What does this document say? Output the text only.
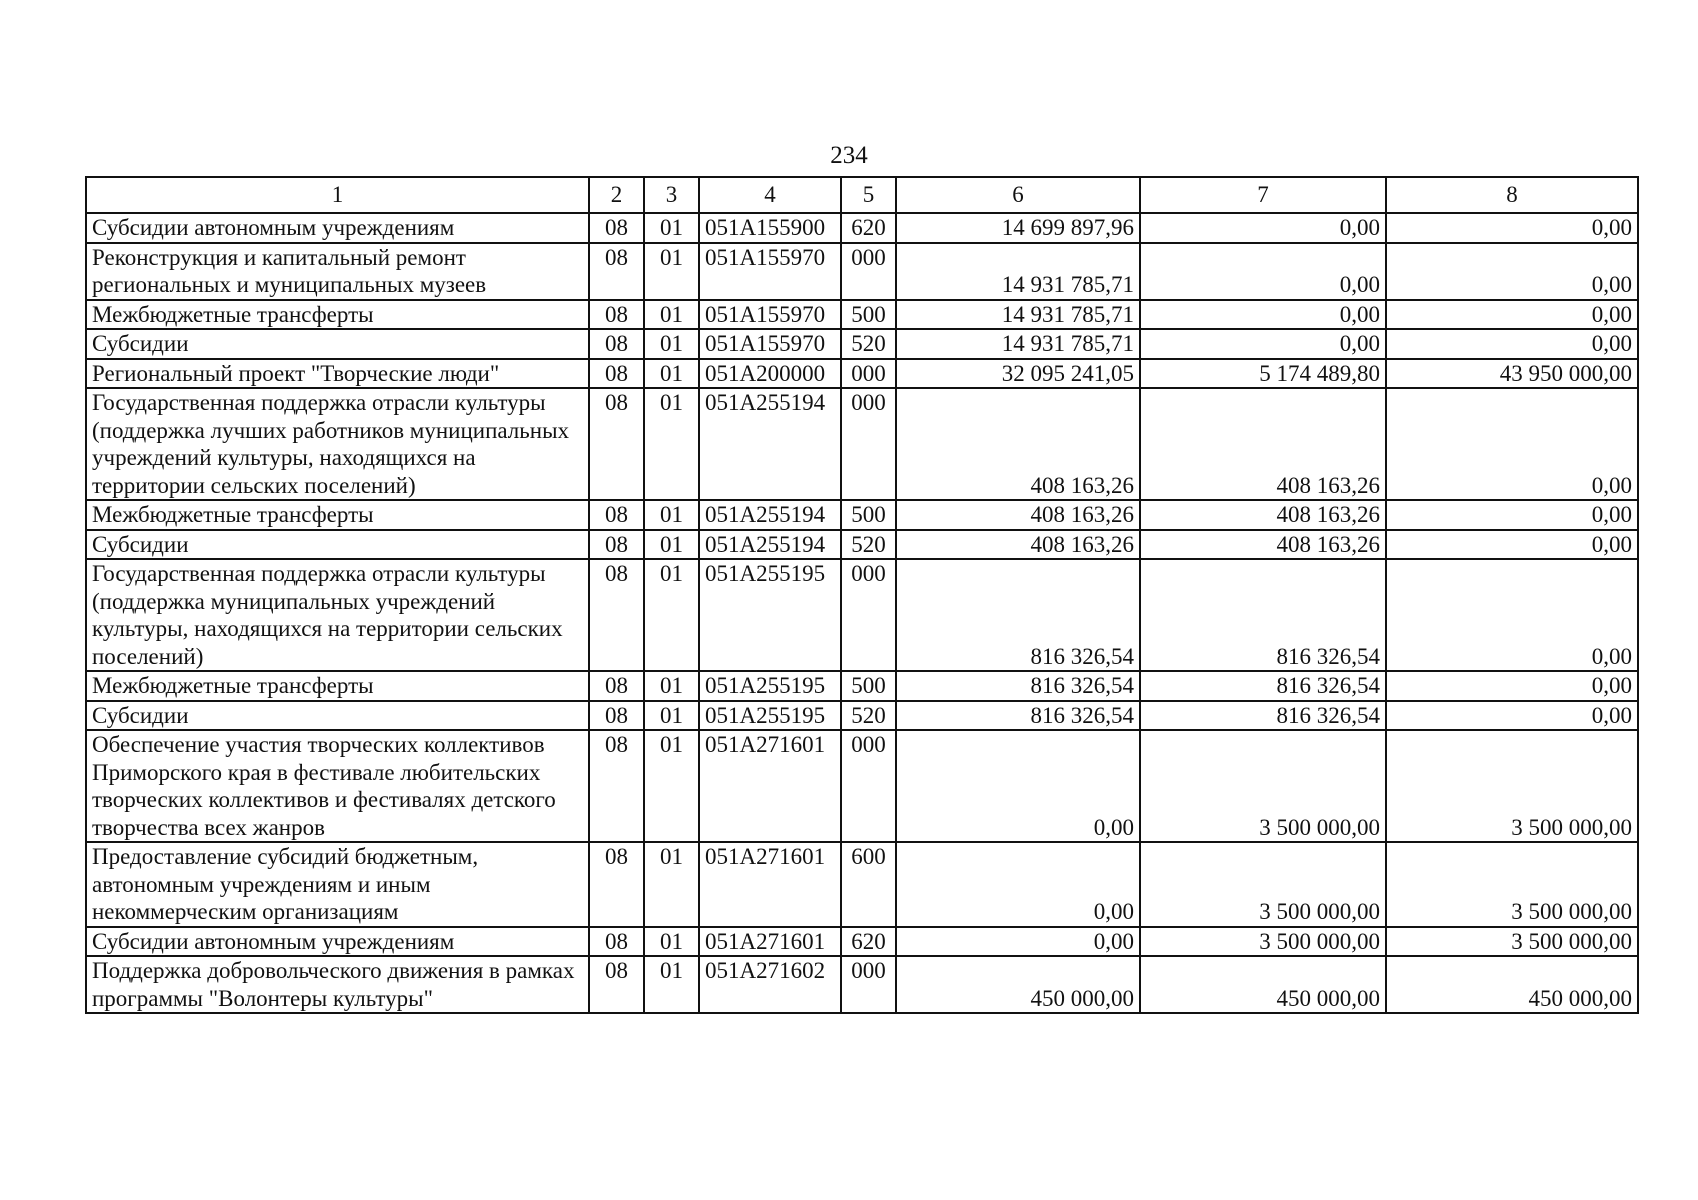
234
1	2	3	4	5	6	7	8
Субсидии автономным учреждениям	08	01	051A155900	620	14 699 897,96	0,00	0,00
Реконструкция и капитальный ремонт региональных и муниципальных музеев	08	01	051A155970	000	14 931 785,71	0,00	0,00
Межбюджетные трансферты	08	01	051A155970	500	14 931 785,71	0,00	0,00
Субсидии	08	01	051A155970	520	14 931 785,71	0,00	0,00
Региональный проект "Творческие люди"	08	01	051A200000	000	32 095 241,05	5 174 489,80	43 950 000,00
Государственная поддержка отрасли культуры (поддержка лучших работников муниципальных учреждений культуры, находящихся на территории сельских поселений)	08	01	051A255194	000	408 163,26	408 163,26	0,00
Межбюджетные трансферты	08	01	051A255194	500	408 163,26	408 163,26	0,00
Субсидии	08	01	051A255194	520	408 163,26	408 163,26	0,00
Государственная поддержка отрасли культуры (поддержка муниципальных учреждений культуры, находящихся на территории сельских поселений)	08	01	051A255195	000	816 326,54	816 326,54	0,00
Межбюджетные трансферты	08	01	051A255195	500	816 326,54	816 326,54	0,00
Субсидии	08	01	051A255195	520	816 326,54	816 326,54	0,00
Обеспечение участия творческих коллективов Приморского края в фестивале любительских творческих коллективов и фестивалях детского творчества всех жанров	08	01	051A271601	000	0,00	3 500 000,00	3 500 000,00
Предоставление субсидий бюджетным, автономным учреждениям и иным некоммерческим организациям	08	01	051A271601	600	0,00	3 500 000,00	3 500 000,00
Субсидии автономным учреждениям	08	01	051A271601	620	0,00	3 500 000,00	3 500 000,00
Поддержка добровольческого движения в рамках программы "Волонтеры культуры"	08	01	051A271602	000	450 000,00	450 000,00	450 000,00
